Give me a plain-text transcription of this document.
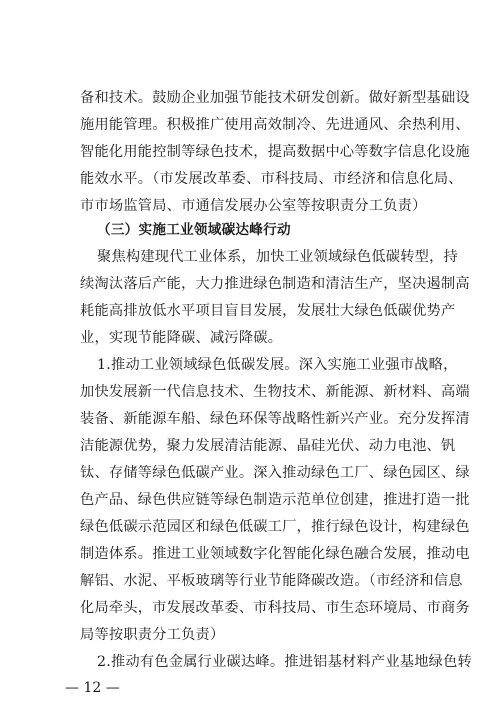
备和技术。鼓励企业加强节能技术研发创新。做好新型基础设
施用能管理。积极推广使用高效制冷、先进通风、余热利用、
智能化用能控制等绿色技术，提高数据中心等数字信息化设施
能效水平。（市发展改革委、市科技局、市经济和信息化局、
市市场监管局、市通信发展办公室等按职责分工负责）
（三）实施工业领域碳达峰行动
聚焦构建现代工业体系，加快工业领域绿色低碳转型，持
续淘汰落后产能，大力推进绿色制造和清洁生产，坚决遏制高
耗能高排放低水平项目盲目发展，发展壮大绿色低碳优势产
业，实现节能降碳、减污降碳。
1.推动工业领域绿色低碳发展。深入实施工业强市战略，
加快发展新一代信息技术、生物技术、新能源、新材料、高端
装备、新能源车船、绿色环保等战略性新兴产业。充分发挥清
洁能源优势，聚力发展清洁能源、晶硅光伏、动力电池、钒
钛、存储等绿色低碳产业。深入推动绿色工厂、绿色园区、绿
色产品、绿色供应链等绿色制造示范单位创建，推进打造一批
绿色低碳示范园区和绿色低碳工厂，推行绿色设计，构建绿色
制造体系。推进工业领域数字化智能化绿色融合发展，推动电
解铝、水泥、平板玻璃等行业节能降碳改造。（市经济和信息
化局牵头，市发展改革委、市科技局、市生态环境局、市商务
局等按职责分工负责）
2.推动有色金属行业碳达峰。推进铝基材料产业基地绿色转
— 12 —
